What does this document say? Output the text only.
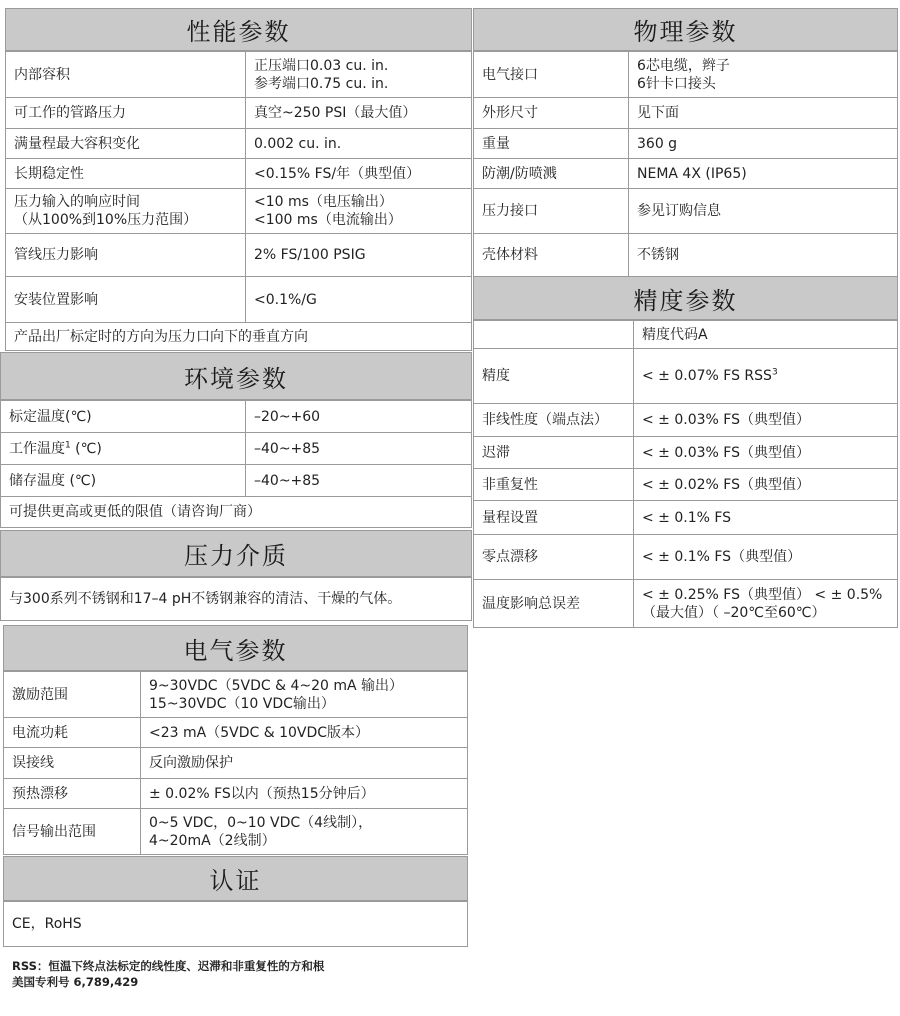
性能参数
内部容积	正压端口0.03 cu. in.
参考端口0.75 cu. in.

可工作的管路压力	真空~250 PSI（最大值）
满量程最大容积变化	0.002 cu. in.
长期稳定性	<0.15% FS/年（典型值）

压力输入的响应时间
（从100%到10%压力范围）	<10 ms（电压输出）
<100 ms（电流输出）

管线压力影响	2% FS/100 PSIG
安装位置影响	<0.1%/G
产品出厂标定时的方向为压力口向下的垂直方向	
物理参数
电气接口	6芯电缆，辫子
6针卡口接头

外形尺寸	见下面
重量	360 g
防潮/防喷溅	NEMA 4X (IP65)
压力接口	参见订购信息
壳体材料	不锈钢
精度参数
	精度代码A
精度	< ± 0.07% FS RSS$^3$
非线性度（端点法）	< ± 0.03% FS（典型值）
迟滞	< ± 0.03% FS（典型值）
非重复性	< ± 0.02% FS（典型值）
量程设置	< ± 0.1% FS
零点漂移	< ± 0.1% FS（典型值）
温度影响总误差	< ± 0.25% FS（典型值） < ± 0.5%
（最大值）（ –20℃至60℃）
环境参数
标定温度(℃)	–20~+60
工作温度$^1$ (℃)	–40~+85
储存温度 (℃)	–40~+85
可提供更高或更低的限值（请咨询厂商）	
压力介质
与300系列不锈钢和17–4 pH不锈钢兼容的清洁、干燥的气体。
电气参数
激励范围	9~30VDC（5VDC & 4~20 mA 输出）
15~30VDC（10 VDC输出）

电流功耗	<23 mA（5VDC & 10VDC版本）
误接线	反向激励保护
预热漂移	± 0.02% FS以内（预热15分钟后）
信号输出范围	0~5 VDC，0~10 VDC（4线制），
4~20mA（2线制）
认证
CE，RoHS
RSS：恒温下终点法标定的线性度、迟滞和非重复性的方和根
美国专利号 6,789,429
